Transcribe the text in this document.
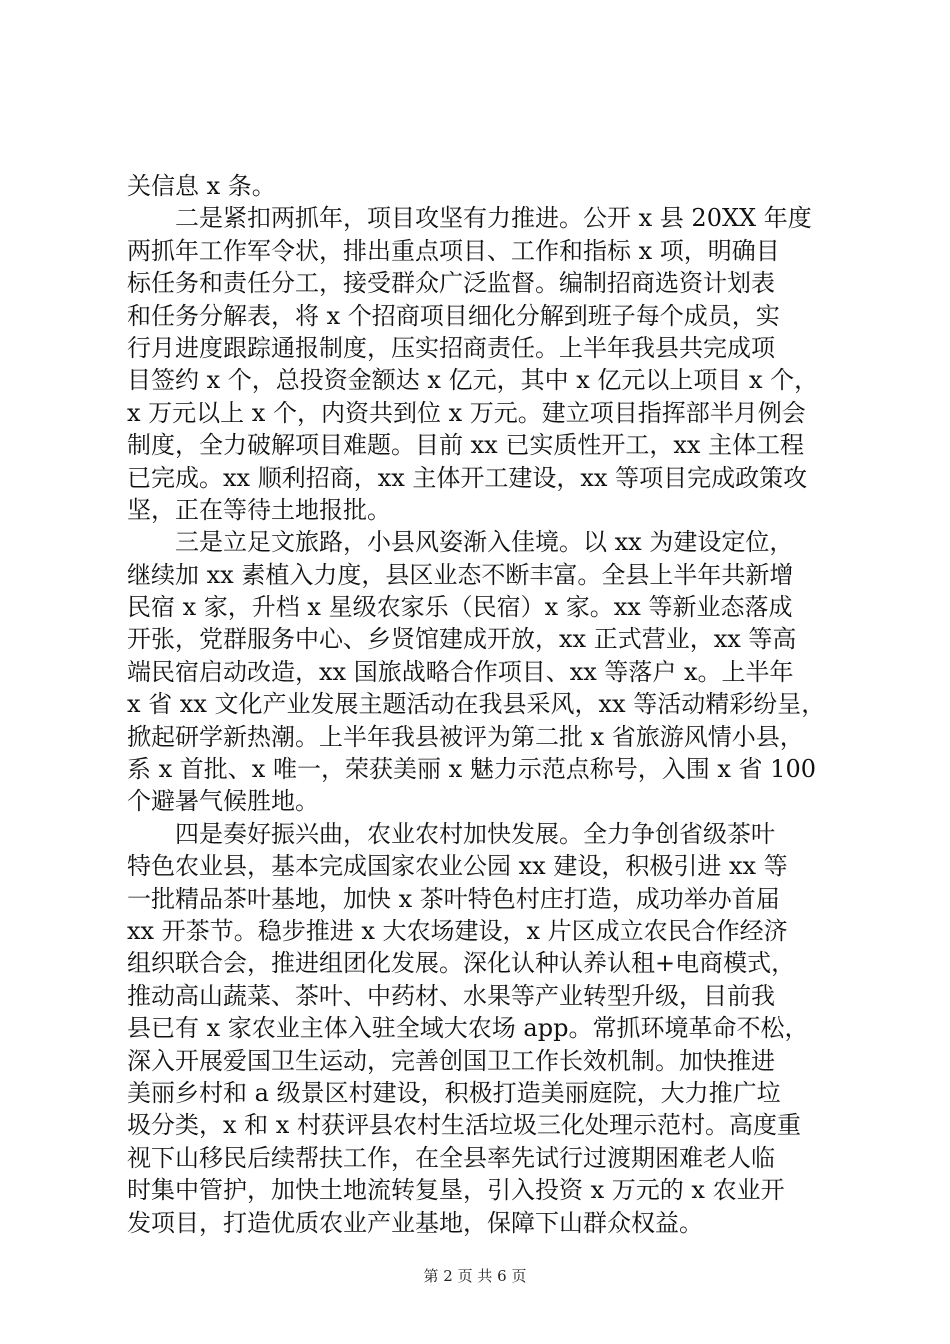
关信息 x 条。
　　二是紧扣两抓年，项目攻坚有力推进。公开 x 县 20XX 年度
两抓年工作军令状，排出重点项目、工作和指标 x 项，明确目
标任务和责任分工，接受群众广泛监督。编制招商选资计划表
和任务分解表，将 x 个招商项目细化分解到班子每个成员，实
行月进度跟踪通报制度，压实招商责任。上半年我县共完成项
目签约 x 个，总投资金额达 x 亿元，其中 x 亿元以上项目 x 个，
x 万元以上 x 个，内资共到位 x 万元。建立项目指挥部半月例会
制度，全力破解项目难题。目前 xx 已实质性开工，xx 主体工程
已完成。xx 顺利招商，xx 主体开工建设，xx 等项目完成政策攻
坚，正在等待土地报批。
　　三是立足文旅路，小县风姿渐入佳境。以 xx 为建设定位，
继续加 xx 素植入力度，县区业态不断丰富。全县上半年共新增
民宿 x 家，升档 x 星级农家乐（民宿）x 家。xx 等新业态落成
开张，党群服务中心、乡贤馆建成开放，xx 正式营业，xx 等高
端民宿启动改造，xx 国旅战略合作项目、xx 等落户 x。上半年
x 省 xx 文化产业发展主题活动在我县采风，xx 等活动精彩纷呈，
掀起研学新热潮。上半年我县被评为第二批 x 省旅游风情小县，
系 x 首批、x 唯一，荣获美丽 x 魅力示范点称号，入围 x 省 100
个避暑气候胜地。
　　四是奏好振兴曲，农业农村加快发展。全力争创省级茶叶
特色农业县，基本完成国家农业公园 xx 建设，积极引进 xx 等
一批精品茶叶基地，加快 x 茶叶特色村庄打造，成功举办首届
xx 开茶节。稳步推进 x 大农场建设，x 片区成立农民合作经济
组织联合会，推进组团化发展。深化认种认养认租+电商模式，
推动高山蔬菜、茶叶、中药材、水果等产业转型升级，目前我
县已有 x 家农业主体入驻全域大农场 app。常抓环境革命不松，
深入开展爱国卫生运动，完善创国卫工作长效机制。加快推进
美丽乡村和 a 级景区村建设，积极打造美丽庭院，大力推广垃
圾分类，x 和 x 村获评县农村生活垃圾三化处理示范村。高度重
视下山移民后续帮扶工作，在全县率先试行过渡期困难老人临
时集中管护，加快土地流转复垦，引入投资 x 万元的 x 农业开
发项目，打造优质农业产业基地，保障下山群众权益。
第 2 页 共 6 页
